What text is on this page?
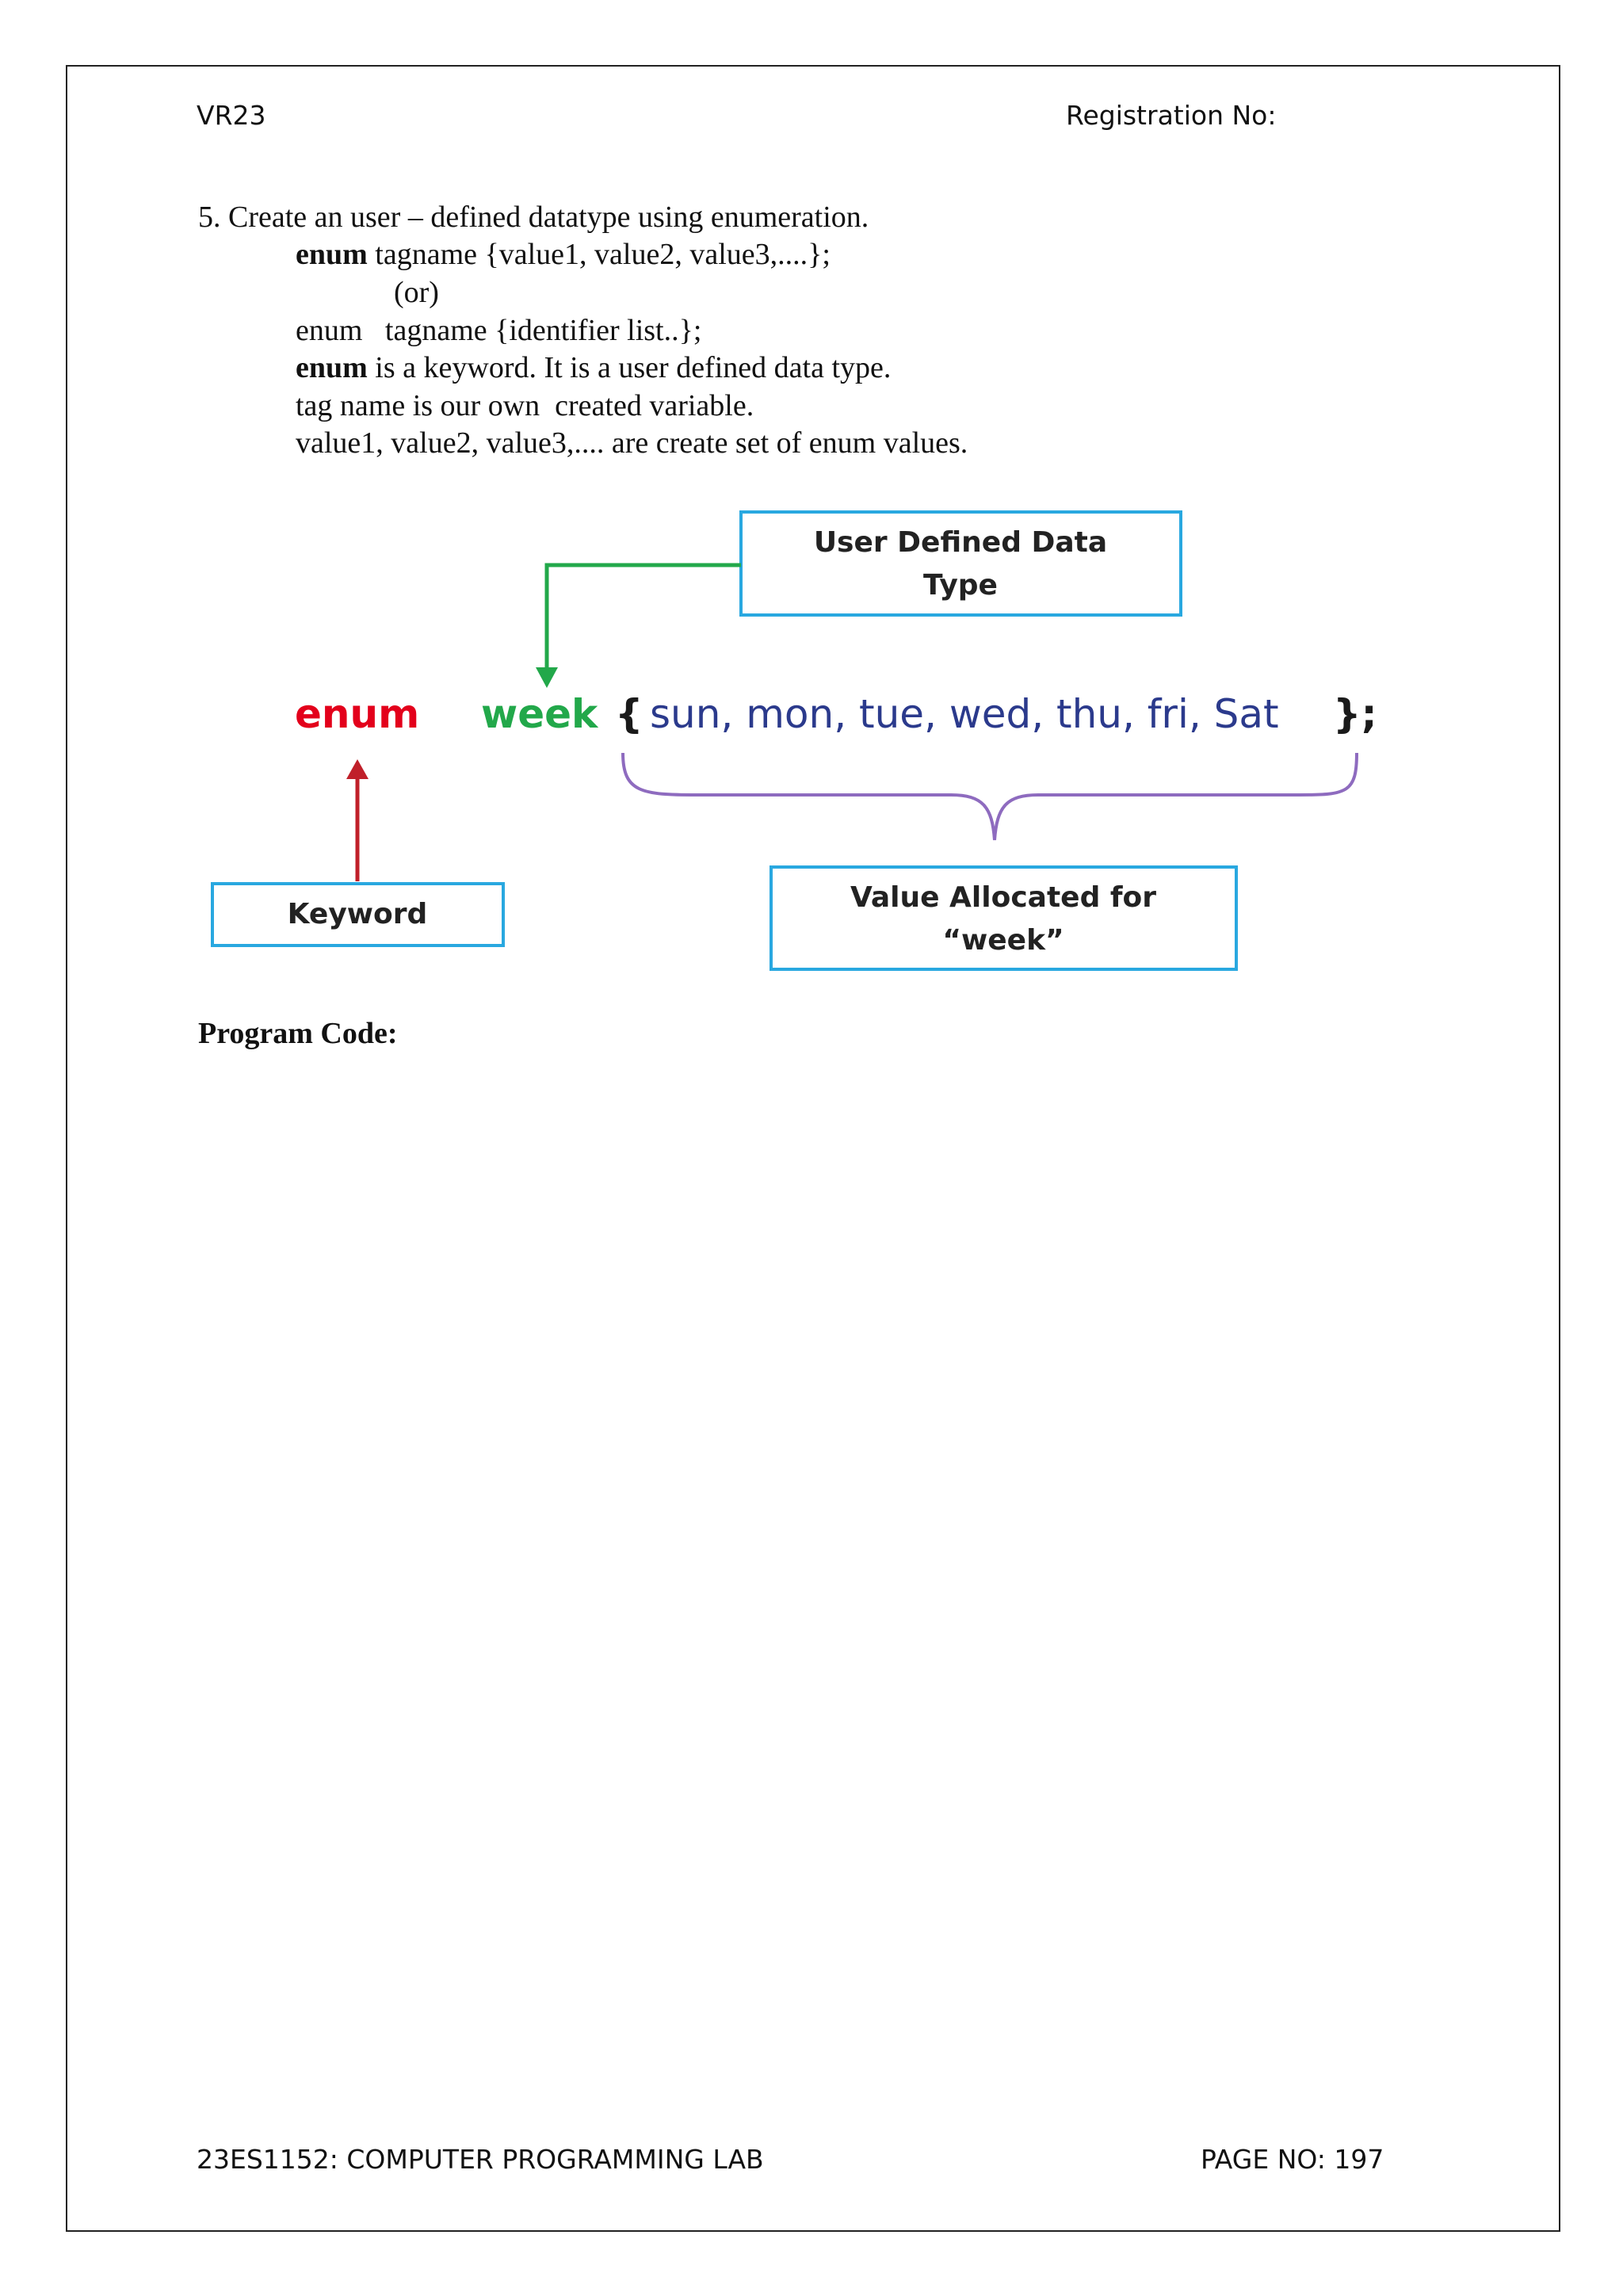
VR23	Registration No:
5. Create an user – defined datatype using enumeration.
enum tagname {value1, value2, value3,....};
(or)
enum   tagname {identifier list..};
enum is a keyword. It is a user defined data type.
tag name is our own  created variable.
value1, value2, value3,.... are create set of enum values.
Program Code:
User Defined Data
Type
enum week { sun, mon, tue, wed, thu, fri, Sat };
Keyword
Value Allocated for
“week”
23ES1152: COMPUTER PROGRAMMING LAB	PAGE NO: 197
